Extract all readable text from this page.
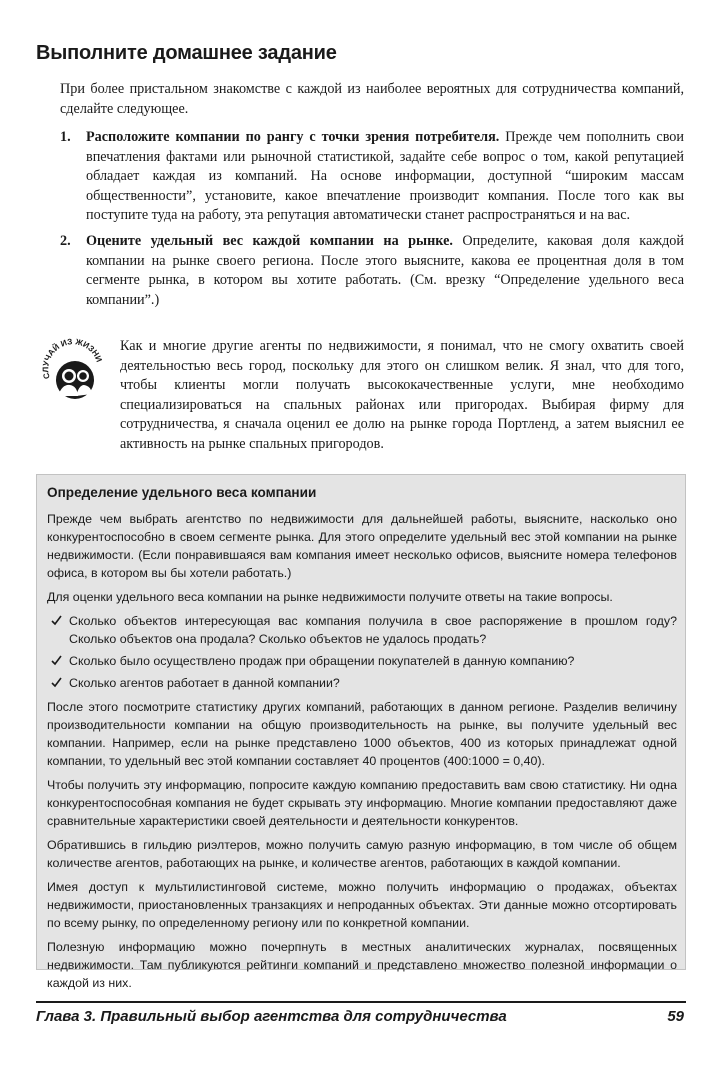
Выполните домашнее задание

При более пристальном знакомстве с каждой из наиболее вероятных для сотрудничества компаний, сделайте следующее.

1. Расположите компании по рангу с точки зрения потребителя. Прежде чем пополнить свои впечатления фактами или рыночной статистикой, задайте себе вопрос о том, какой репутацией обладает каждая из компаний. На основе информации, доступной “широким массам общественности”, установите, какое впечатление производит компания. После того как вы поступите туда на работу, эта репутация автоматически станет распространяться и на вас.
2. Оцените удельный вес каждой компании на рынке. Определите, каковая доля каждой компании на рынке своего региона. После этого выясните, какова ее процентная доля в том сегменте рынка, в котором вы хотите работать. (См. врезку “Определение удельного веса компании”.)
СЛУЧАЙ ИЗ ЖИЗНИ

Как и многие другие агенты по недвижимости, я понимал, что не смогу охватить своей деятельностью весь город, поскольку для этого он слишком велик. Я знал, что для того, чтобы клиенты могли получать высококачественные услуги, мне необходимо специализироваться на спальных районах или пригородах. Выбирая фирму для сотрудничества, я сначала оценил ее долю на рынке города Портленд, а затем выяснил ее активность на рынке спальных пригородов.

Определение удельного веса компании

Прежде чем выбрать агентство по недвижимости для дальнейшей работы, выясните, насколько оно конкурентоспособно в своем сегменте рынка. Для этого определите удельный вес этой компании на рынке недвижимости. (Если понравившаяся вам компания имеет несколько офисов, выясните номера телефонов офиса, в котором вы бы хотели работать.)

Для оценки удельного веса компании на рынке недвижимости получите ответы на такие вопросы.

Сколько объектов интересующая вас компания получила в свое распоряжение в прошлом году? Сколько объектов она продала? Сколько объектов не удалось продать?
Сколько было осуществлено продаж при обращении покупателей в данную компанию?
Сколько агентов работает в данной компании?

После этого посмотрите статистику других компаний, работающих в данном регионе. Разделив величину производительности компании на общую производительность на рынке, вы получите удельный вес компании. Например, если на рынке представлено 1000 объектов, 400 из которых принадлежат одной компании, то удельный вес этой компании составляет 40 процентов (400:1000 = 0,40).

Чтобы получить эту информацию, попросите каждую компанию предоставить вам свою статистику. Ни одна конкурентоспособная компания не будет скрывать эту информацию. Многие компании предоставляют даже сравнительные характеристики своей деятельности и деятельности конкурентов.

Обратившись в гильдию риэлтеров, можно получить самую разную информацию, в том числе об общем количестве агентов, работающих на рынке, и количестве агентов, работающих в каждой компании.

Имея доступ к мультилистинговой системе, можно получить информацию о продажах, объектах недвижимости, приостановленных транзакциях и непроданных объектах. Эти данные можно отсортировать по всему рынку, по определенному региону или по конкретной компании.

Полезную информацию можно почерпнуть в местных аналитических журналах, посвященных недвижимости. Там публикуются рейтинги компаний и представлено множество полезной информации о каждой из них.

Глава 3. Правильный выбор агентства для сотрудничества	59
